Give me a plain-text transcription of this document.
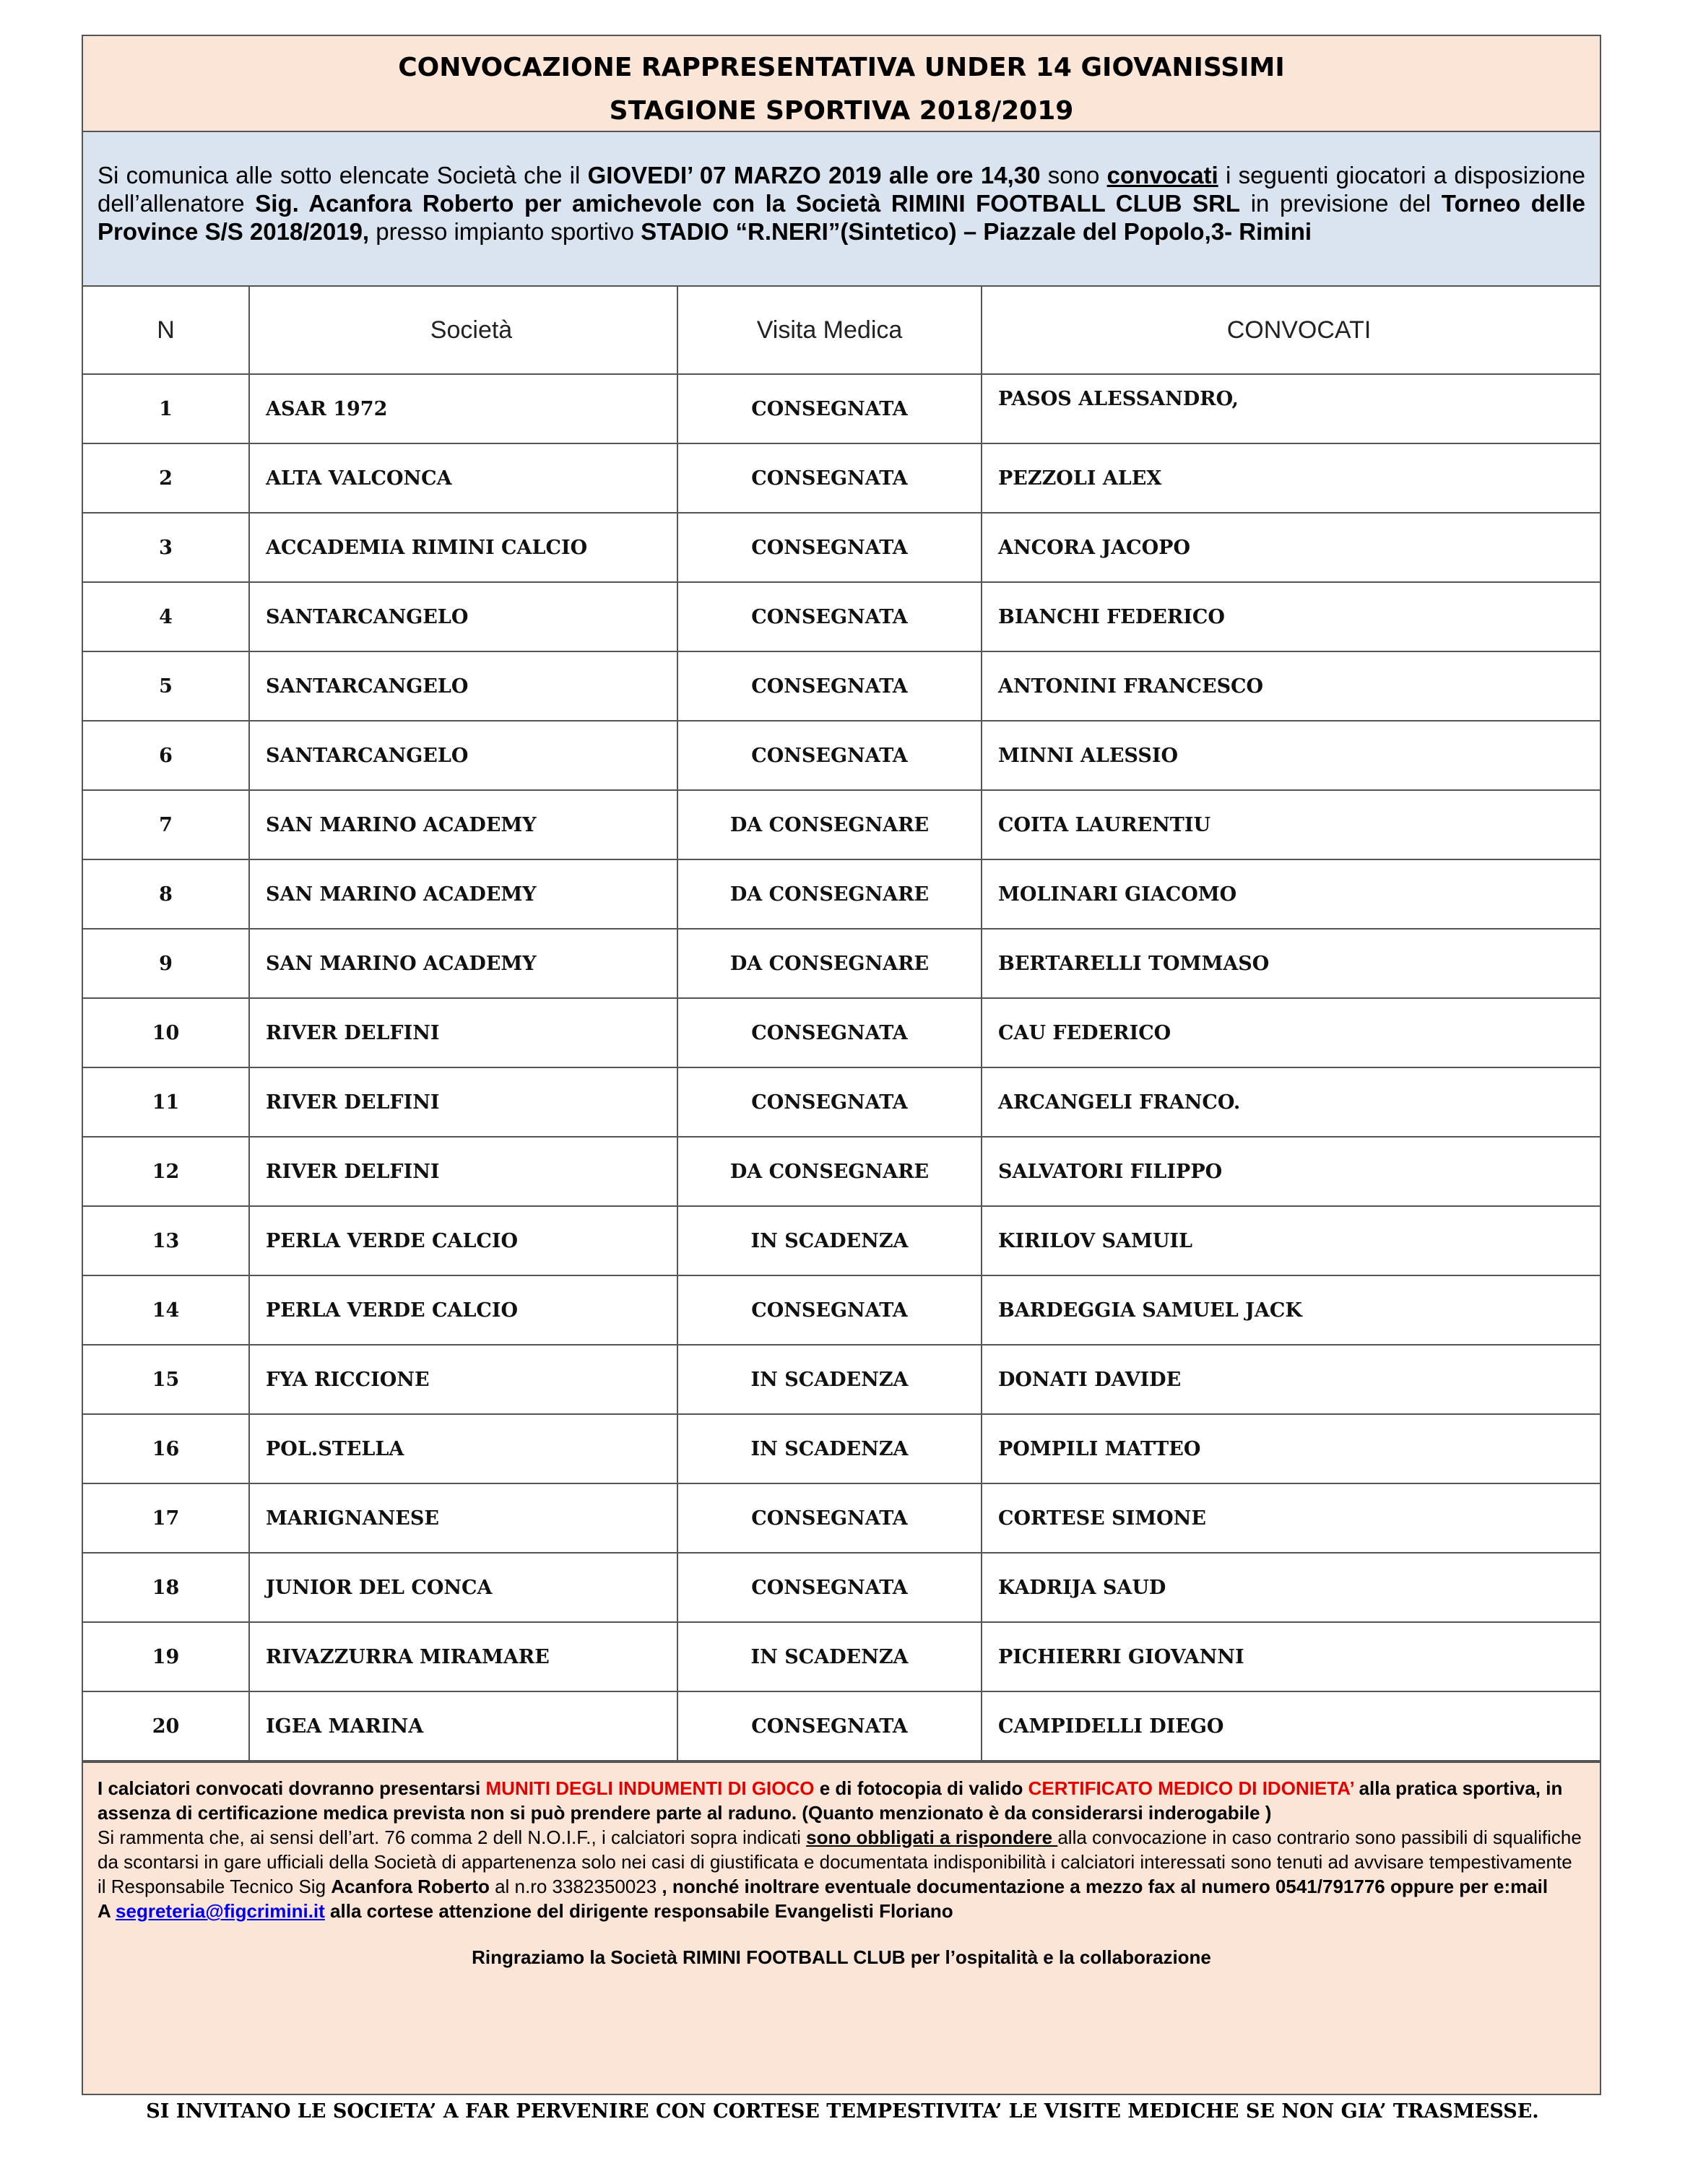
CONVOCAZIONE RAPPRESENTATIVA UNDER 14 GIOVANISSIMI
STAGIONE SPORTIVA 2018/2019
Si comunica alle sotto elencate Società che il GIOVEDI’ 07 MARZO 2019 alle ore 14,30 sono convocati i seguenti giocatori a disposizione dell’allenatore Sig. Acanfora Roberto per amichevole con la Società RIMINI FOOTBALL CLUB SRL in previsione del Torneo delle Province S/S 2018/2019, presso impianto sportivo STADIO “R.NERI”(Sintetico) – Piazzale del Popolo,3- Rimini
N	Società	Visita Medica	CONVOCATI
1	ASAR 1972	CONSEGNATA	PASOS ALESSANDRO,
2	ALTA VALCONCA	CONSEGNATA	PEZZOLI ALEX
3	ACCADEMIA RIMINI CALCIO	CONSEGNATA	ANCORA JACOPO
4	SANTARCANGELO	CONSEGNATA	BIANCHI FEDERICO
5	SANTARCANGELO	CONSEGNATA	ANTONINI FRANCESCO
6	SANTARCANGELO	CONSEGNATA	MINNI ALESSIO
7	SAN MARINO ACADEMY	DA CONSEGNARE	COITA LAURENTIU
8	SAN MARINO ACADEMY	DA CONSEGNARE	MOLINARI GIACOMO
9	SAN MARINO ACADEMY	DA CONSEGNARE	BERTARELLI TOMMASO
10	RIVER DELFINI	CONSEGNATA	CAU FEDERICO
11	RIVER DELFINI	CONSEGNATA	ARCANGELI FRANCO.
12	RIVER DELFINI	DA CONSEGNARE	SALVATORI FILIPPO
13	PERLA VERDE CALCIO	IN SCADENZA	KIRILOV SAMUIL
14	PERLA VERDE CALCIO	CONSEGNATA	BARDEGGIA SAMUEL JACK
15	FYA RICCIONE	IN SCADENZA	DONATI DAVIDE
16	POL.STELLA	IN SCADENZA	POMPILI MATTEO
17	MARIGNANESE	CONSEGNATA	CORTESE SIMONE
18	JUNIOR DEL CONCA	CONSEGNATA	KADRIJA SAUD
19	RIVAZZURRA MIRAMARE	IN SCADENZA	PICHIERRI GIOVANNI
20	IGEA MARINA	CONSEGNATA	CAMPIDELLI DIEGO
I calciatori convocati dovranno presentarsi MUNITI DEGLI INDUMENTI DI GIOCO e di fotocopia di valido CERTIFICATO MEDICO DI IDONIETA’ alla pratica sportiva, in assenza di certificazione medica prevista non si può prendere parte al raduno. (Quanto menzionato è da considerarsi inderogabile )
Si rammenta che, ai sensi dell’art. 76 comma 2 dell N.O.I.F., i calciatori sopra indicati sono obbligati a rispondere alla convocazione in caso contrario sono passibili di squalifiche da scontarsi in gare ufficiali della Società di appartenenza solo nei casi di giustificata e documentata indisponibilità i calciatori interessati sono tenuti ad avvisare tempestivamente il Responsabile Tecnico Sig Acanfora Roberto al n.ro 3382350023 , nonché inoltrare eventuale documentazione a mezzo fax al numero 0541/791776 oppure per e:mail
A segreteria@figcrimini.it alla cortese attenzione del dirigente responsabile Evangelisti Floriano
Ringraziamo la Società RIMINI FOOTBALL CLUB per l’ospitalità e la collaborazione
SI INVITANO LE SOCIETA’ A FAR PERVENIRE CON CORTESE TEMPESTIVITA’ LE VISITE MEDICHE SE NON GIA’ TRASMESSE.
